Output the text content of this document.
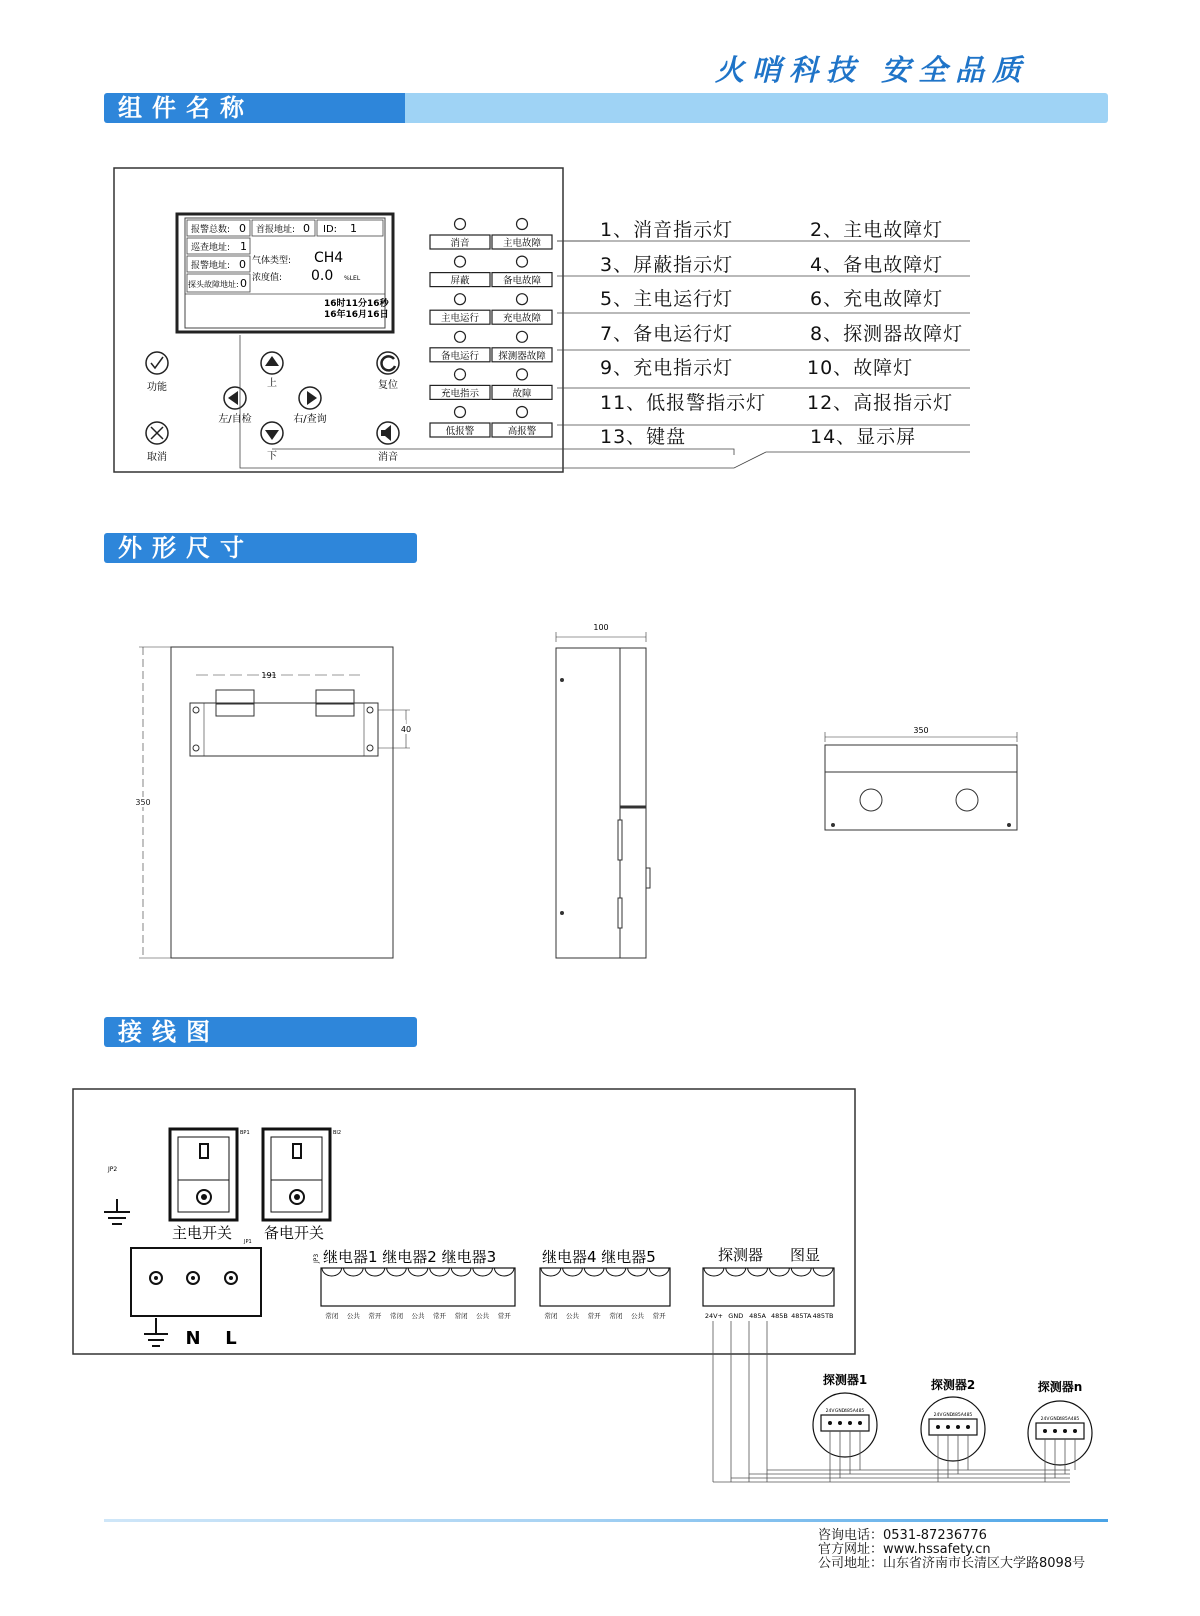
火哨科技 安全品质
组件名称
报警总数: 0 首报地址: 0 ID: 1
巡查地址: 1
报警地址: 0
探头故障地址: 0
气体类型: CH4
浓度值: 0.0 %LEL
16时11分16秒
16年16月16日
功能	上	复位
左/自检	右/查询
取消	下	消音
消音	主电故障
屏蔽	备电故障
主电运行	充电故障
备电运行 探测器故障
充电指示	故障
低报警	高报警
1、消音指示灯	2、主电故障灯
3、屏蔽指示灯	4、备电故障灯
5、主电运行灯	6、充电故障灯
7、备电运行灯	8、探测器故障灯
9、充电指示灯	10、故障灯
11、低报警指示灯 12、高报指示灯
13、键盘	14、显示屏
外形尺寸
191
350
40
100
350
接线图
JP2
BP1	BI2
主电开关 JP1 备电开关
N L
JP3 继电器1 继电器2 继电器3
常闭 公共 常开 常闭 公共 常开 常闭 公共 常开
继电器4 继电器5
常闭 公共 常开 常闭 公共 常开
探测器 图显
24V+ GND 485A 485B 485TA 485TB
探测器1
24V GND 485A 485
探测器2
24V GND 485A 485
探测器n
24V GND 485A 485
咨询电话：0531-87236776
官方网址：www.hssafety.cn
公司地址：山东省济南市长清区大学路8098号
